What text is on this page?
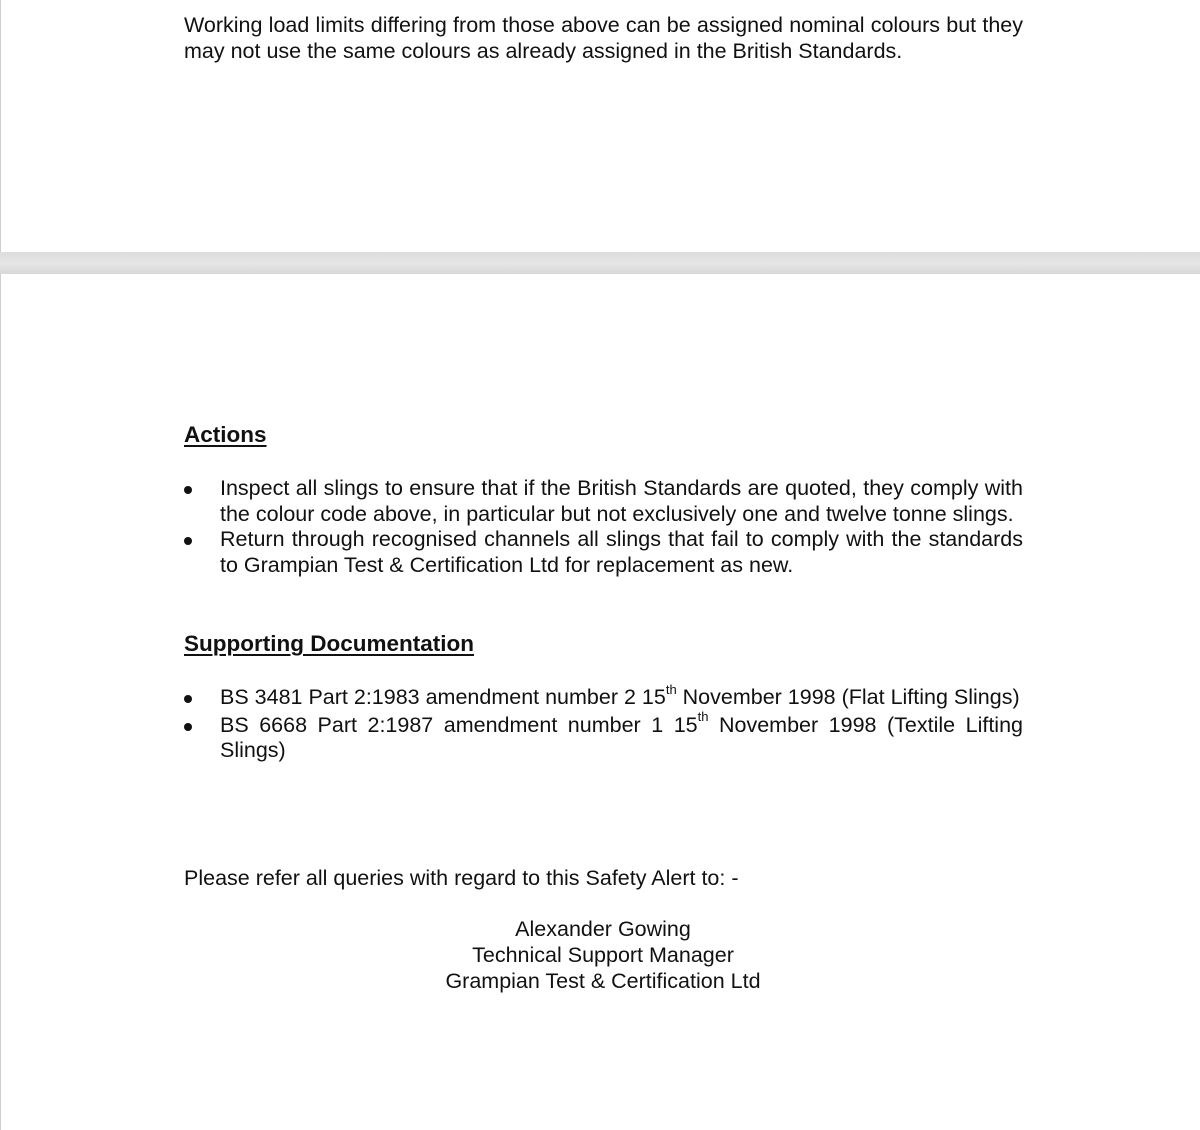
Working load limits differing from those above can be assigned nominal colours but they may not use the same colours as already assigned in the British Standards.
Actions
Inspect all slings to ensure that if the British Standards are quoted, they comply with the colour code above, in particular but not exclusively one and twelve tonne slings.
Return through recognised channels all slings that fail to comply with the standards to Grampian Test & Certification Ltd for replacement as new.
Supporting Documentation
BS 3481 Part 2:1983 amendment number 2 15th November 1998 (Flat Lifting Slings)
BS 6668 Part 2:1987 amendment number 1 15th November 1998 (Textile Lifting Slings)
Please refer all queries with regard to this Safety Alert to: -
Alexander Gowing
Technical Support Manager
Grampian Test & Certification Ltd
